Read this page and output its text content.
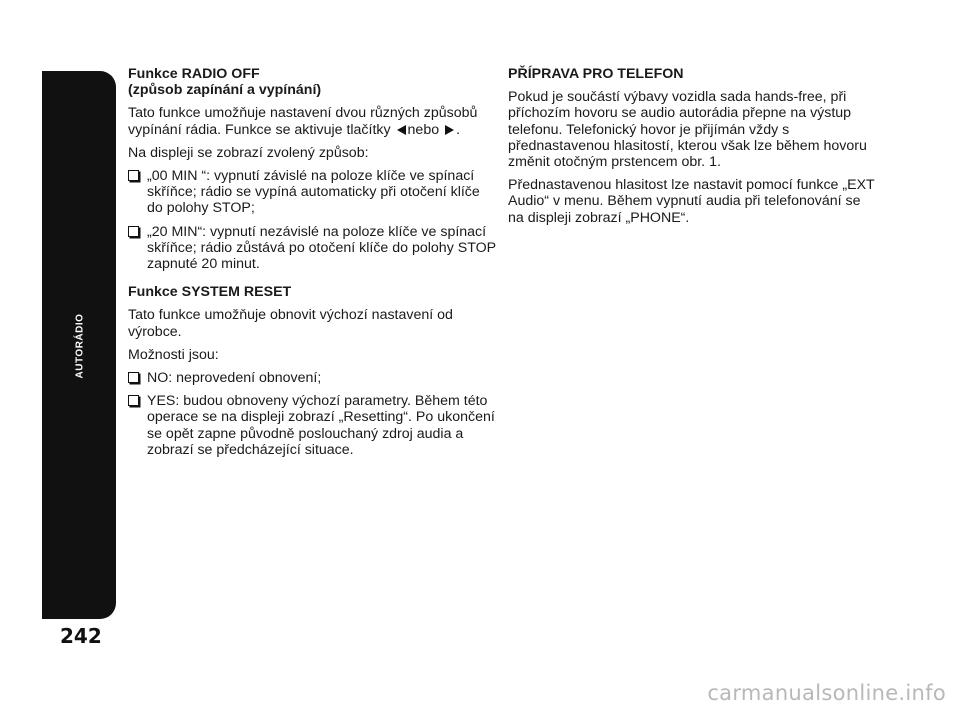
AUTORÁDIO
242
Funkce RADIO OFF
(způsob zapínání a vypínání)

Tato funkce umožňuje nastavení dvou různých způsobů vypínání rádia. Funkce se aktivuje tlačítky nebo .

Na displeji se zobrazí zvolený způsob:

„00 MIN “: vypnutí závislé na poloze klíče ve spínací skříňce; rádio se vypíná automaticky při otočení klíče do polohy STOP;
„20 MIN“: vypnutí nezávislé na poloze klíče ve spínací skříňce; rádio zůstává po otočení klíče do polohy STOP zapnuté 20 minut.
Funkce SYSTEM RESET

Tato funkce umožňuje obnovit výchozí nastavení od výrobce.

Možnosti jsou:

NO: neprovedení obnovení;
YES: budou obnoveny výchozí parametry. Během této operace se na displeji zobrazí „Resetting“. Po ukončení se opět zapne původně poslouchaný zdroj audia a zobrazí se předcházející situace.
PŘÍPRAVA PRO TELEFON

Pokud je součástí výbavy vozidla sada hands-free, při příchozím hovoru se audio autorádia přepne na výstup telefonu. Telefonický hovor je přijímán vždy s přednastavenou hlasitostí, kterou však lze během hovoru změnit otočným prstencem obr. 1.

Přednastavenou hlasitost lze nastavit pomocí funkce „EXT Audio“ v menu. Během vypnutí audia při telefonování se na displeji zobrazí „PHONE“.

carmanualsonline.info
